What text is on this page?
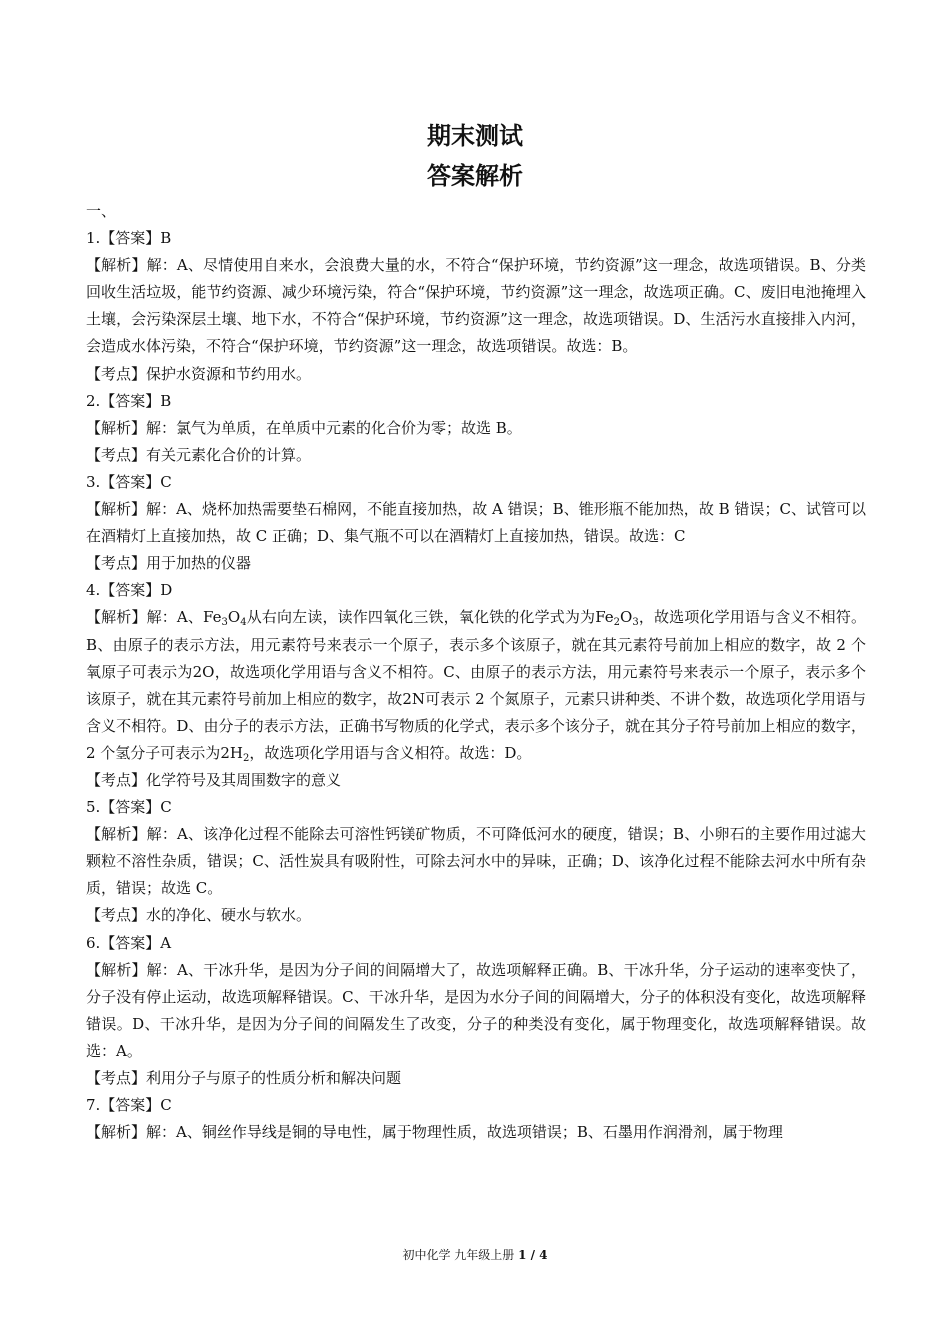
期末测试
答案解析
一、
1.【答案】B
【解析】解：A、尽情使用自来水，会浪费大量的水，不符合“保护环境，节约资源”这一理念，故选项错误。B、分类回收生活垃圾，能节约资源、减少环境污染，符合“保护环境，节约资源”这一理念，故选项正确。C、废旧电池掩埋入土壤，会污染深层土壤、地下水，不符合“保护环境，节约资源”这一理念，故选项错误。D、生活污水直接排入内河，会造成水体污染，不符合“保护环境，节约资源”这一理念，故选项错误。故选：B。
【考点】保护水资源和节约用水。
2.【答案】B
【解析】解：氯气为单质，在单质中元素的化合价为零；故选 B。
【考点】有关元素化合价的计算。
3.【答案】C
【解析】解：A、烧杯加热需要垫石棉网，不能直接加热，故 A 错误；B、锥形瓶不能加热，故 B 错误；C、试管可以在酒精灯上直接加热，故 C 正确；D、集气瓶不可以在酒精灯上直接加热，错误。故选：C
【考点】用于加热的仪器
4.【答案】D
【解析】解：A、$Fe_3O_4$从右向左读，读作四氧化三铁，氧化铁的化学式为为$Fe_2O_3$，故选项化学用语与含义不相符。B、由原子的表示方法，用元素符号来表示一个原子，表示多个该原子，就在其元素符号前加上相应的数字，故 2 个氧原子可表示为2O，故选项化学用语与含义不相符。C、由原子的表示方法，用元素符号来表示一个原子，表示多个该原子，就在其元素符号前加上相应的数字，故2N可表示 2 个氮原子，元素只讲种类、不讲个数，故选项化学用语与含义不相符。D、由分子的表示方法，正确书写物质的化学式，表示多个该分子，就在其分子符号前加上相应的数字，2 个氢分子可表示为$2H_2$，故选项化学用语与含义相符。故选：D。
【考点】化学符号及其周围数字的意义
5.【答案】C
【解析】解：A、该净化过程不能除去可溶性钙镁矿物质，不可降低河水的硬度，错误；B、小卵石的主要作用过滤大颗粒不溶性杂质，错误；C、活性炭具有吸附性，可除去河水中的异味，正确；D、该净化过程不能除去河水中所有杂质，错误；故选 C。
【考点】水的净化、硬水与软水。
6.【答案】A
【解析】解：A、干冰升华，是因为分子间的间隔增大了，故选项解释正确。B、干冰升华，分子运动的速率变快了，分子没有停止运动，故选项解释错误。C、干冰升华，是因为水分子间的间隔增大，分子的体积没有变化，故选项解释错误。D、干冰升华，是因为分子间的间隔发生了改变，分子的种类没有变化，属于物理变化，故选项解释错误。故选：A。
【考点】利用分子与原子的性质分析和解决问题
7.【答案】C
【解析】解：A、铜丝作导线是铜的导电性，属于物理性质，故选项错误；B、石墨用作润滑剂，属于物理
初中化学 九年级上册 1 / 4
